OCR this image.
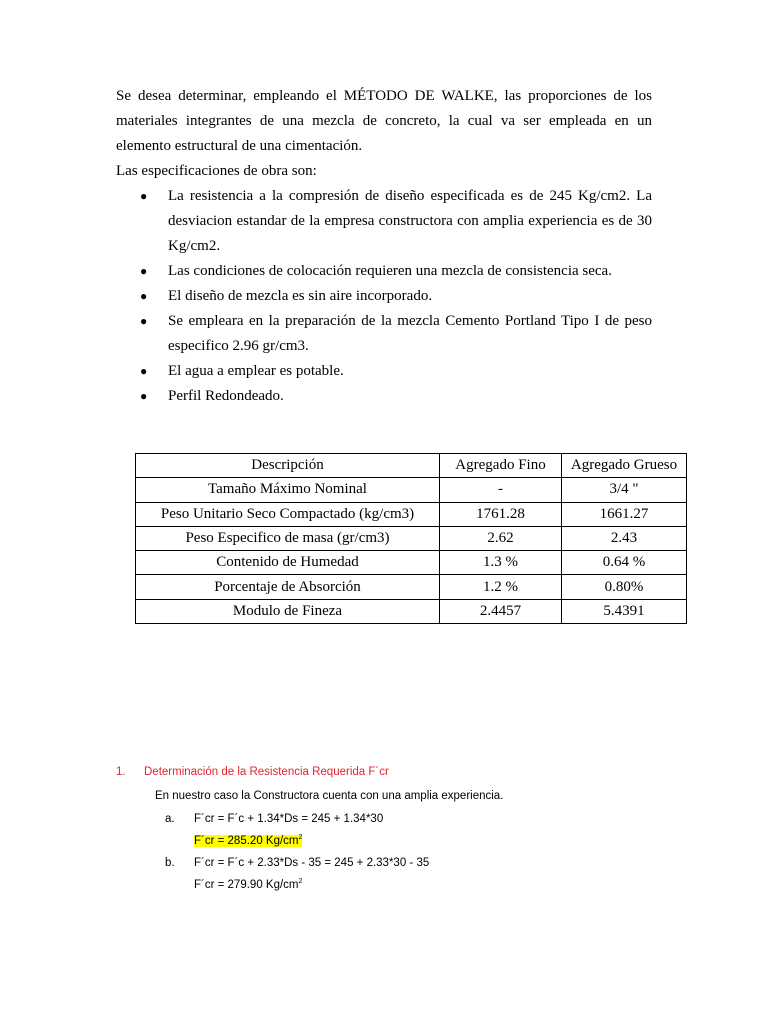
Se desea determinar, empleando el MÉTODO DE WALKE, las proporciones de los materiales integrantes de una mezcla de concreto, la cual va ser empleada en un elemento estructural de una cimentación.

Las especificaciones de obra son:

● La resistencia a la compresión de diseño especificada es de 245 Kg/cm2. La desviacion estandar de la empresa constructora con amplia experiencia es de 30 Kg/cm2.
● Las condiciones de colocación requieren una mezcla de consistencia seca.
● El diseño de mezcla es sin aire incorporado.
● Se empleara en la preparación de la mezcla Cemento Portland Tipo I de peso especifico 2.96 gr/cm3.
● El agua a emplear es potable.
● Perfil Redondeado.
Descripción	Agregado Fino	Agregado Grueso
Tamaño Máximo Nominal	-	3/4 "
Peso Unitario Seco Compactado (kg/cm3)	1761.28	1661.27
Peso Especifico de masa (gr/cm3)	2.62	2.43
Contenido de Humedad	1.3 %	0.64 %
Porcentaje de Absorción	1.2 %	0.80%
Modulo de Fineza	2.4457	5.4391
1. Determinación de la Resistencia Requerida F´cr

En nuestro caso la Constructora cuenta con una amplia experiencia.

a. F´cr = F´c + 1.34*Ds = 245 + 1.34*30
F´cr = 285.20 $Kg/cm^2$
b. F´cr = F´c + 2.33*Ds - 35 = 245 + 2.33*30 - 35
F´cr = 279.90 $Kg/cm^2$
